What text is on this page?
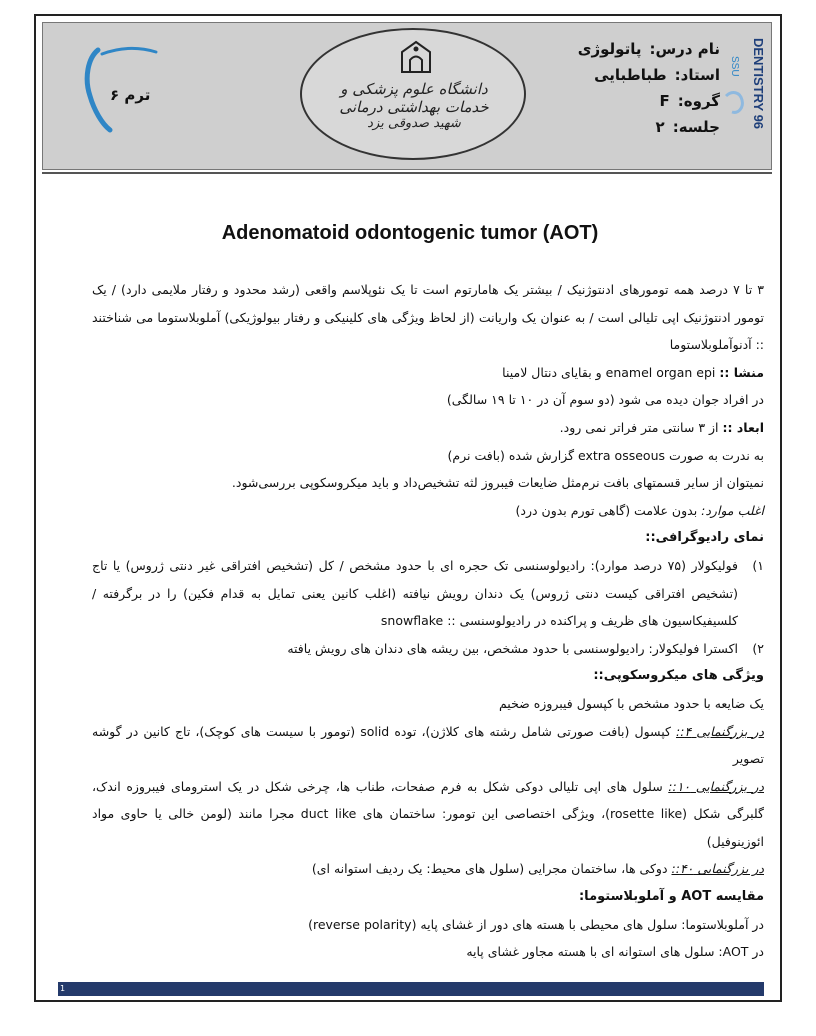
ترم ۶	دانشگاه علوم پزشکی و خدمات بهداشتی درمانی
شهید صدوقی یزد
نام درس:پاتولوژی
استاد:طباطبایی
گروه:F
جلسه:۲	DENTISTRY 96
SSU
Adenomatoid odontogenic tumor (AOT)

۳ تا ۷ درصد همه تومورهای ادنتوژنیک / بیشتر یک هامارتوم است تا یک نئوپلاسم واقعی (رشد محدود و رفتار ملایمی دارد) / یک تومور ادنتوژنیک اپی تلیالی است / به عنوان یک واریانت (از لحاظ ویژگی های کلینیکی و رفتار بیولوژیکی) آملوبلاستوما می شناختند :: آدنوآملوبلاستوما

منشا :: enamel organ epi و بقایای دنتال لامینا

در افراد جوان دیده می شود (دو سوم آن در ۱۰ تا ۱۹ سالگی)

ابعاد :: از ۳ سانتی متر فراتر نمی رود.

به ندرت به صورت extra osseous گزارش شده (بافت نرم)

نمیتوان از سایر قسمتهای بافت نرم‌مثل ضایعات فیبروز لثه تشخیص‌داد و باید میکروسکوپی بررسی‌شود.

اغلب موارد: بدون علامت (گاهی تورم بدون درد)

نمای رادیوگرافی::

۱)
فولیکولار (۷۵ درصد موارد): رادیولوسنسی تک حجره ای با حدود مشخص / کل (تشخیص افتراقی غیر دنتی ژروس) یا تاج (تشخیص افتراقی کیست دنتی ژروس) یک دندان رویش نیافته (اغلب کانین یعنی تمایل به قدام فکین) را در برگرفته / کلسیفیکاسیون های ظریف و پراکنده در رادیولوسنسی :: snowflake
۲)
اکسترا فولیکولار: رادیولوسنسی با حدود مشخص، بین ریشه های دندان های رویش یافته

ویژگی های میکروسکوپی::

یک ضایعه با حدود مشخص با کپسول فیبروزه ضخیم

در بزرگنمایی ۴:: کپسول (بافت صورتی شامل رشته های کلاژن)، توده solid (تومور با سیست های کوچک)، تاج کانین در گوشه تصویر

در بزرگنمایی ۱۰:: سلول های اپی تلیالی دوکی شکل به فرم صفحات، طناب ها، چرخی شکل در یک استرومای فیبروزه اندک، گلبرگی شکل (rosette like)، ویژگی اختصاصی این تومور: ساختمان های duct like مجرا مانند (لومن خالی یا حاوی مواد ائوزینوفیل)

در بزرگنمایی ۴۰:: دوکی ها، ساختمان مجرایی (سلول های محیط: یک ردیف استوانه ای)

مقایسه AOT و آملوبلاستوما:

در آملوبلاستوما: سلول های محیطی با هسته های دور از غشای پایه (reverse polarity)

در AOT: سلول های استوانه ای با هسته مجاور غشای پایه

1
